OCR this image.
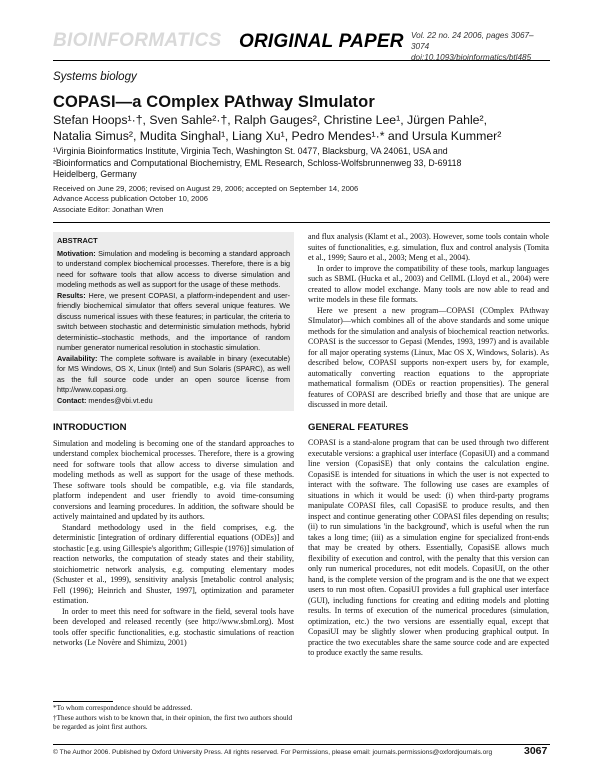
BIOINFORMATICS ORIGINAL PAPER Vol. 22 no. 24 2006, pages 3067–3074
doi:10.1093/bioinformatics/btl485
Systems biology
COPASI—a COmplex PAthway SImulator
Stefan Hoops¹·†, Sven Sahle²·†, Ralph Gauges², Christine Lee¹, Jürgen Pahle²,
Natalia Simus², Mudita Singhal¹, Liang Xu¹, Pedro Mendes¹·* and Ursula Kummer²
¹Virginia Bioinformatics Institute, Virginia Tech, Washington St. 0477, Blacksburg, VA 24061, USA and
²Bioinformatics and Computational Biochemistry, EML Research, Schloss-Wolfsbrunnenweg 33, D-69118
Heidelberg, Germany
Received on June 29, 2006; revised on August 29, 2006; accepted on September 14, 2006
Advance Access publication October 10, 2006
Associate Editor: Jonathan Wren
ABSTRACT

Motivation: Simulation and modeling is becoming a standard approach to understand complex biochemical processes. Therefore, there is a big need for software tools that allow access to diverse simulation and modeling methods as well as support for the usage of these methods.

Results: Here, we present COPASI, a platform-independent and user-friendly biochemical simulator that offers several unique features. We discuss numerical issues with these features; in particular, the criteria to switch between stochastic and deterministic simulation methods, hybrid deterministic–stochastic methods, and the importance of random number generator numerical resolution in stochastic simulation.

Availability: The complete software is available in binary (executable) for MS Windows, OS X, Linux (Intel) and Sun Solaris (SPARC), as well as the full source code under an open source license from http://www.copasi.org.

Contact: mendes@vbi.vt.edu

INTRODUCTION

Simulation and modeling is becoming one of the standard approaches to understand complex biochemical processes. Therefore, there is a growing need for software tools that allow access to diverse simulation and modeling methods as well as support for the usage of these methods. These software tools should be compatible, e.g. via file standards, platform independent and user friendly to avoid time-consuming conversions and learning procedures. In addition, the software should be actively maintained and updated by its authors.

Standard methodology used in the field comprises, e.g. the deterministic [integration of ordinary differential equations (ODEs)] and stochastic [e.g. using Gillespie's algorithm; Gillespie (1976)] simulation of reaction networks, the computation of steady states and their stability, stoichiometric network analysis, e.g. computing elementary modes (Schuster et al., 1999), sensitivity analysis [metabolic control analysis; Fell (1996); Heinrich and Shuster, 1997], optimization and parameter estimation.

In order to meet this need for software in the field, several tools have been developed and released recently (see http://www.sbml.org). Most tools offer specific functionalities, e.g. stochastic simulations of reaction networks (Le Novère and Shimizu, 2001)

and flux analysis (Klamt et al., 2003). However, some tools contain whole suites of functionalities, e.g. simulation, flux and control analysis (Tomita et al., 1999; Sauro et al., 2003; Meng et al., 2004).

In order to improve the compatibility of these tools, markup languages such as SBML (Hucka et al., 2003) and CellML (Lloyd et al., 2004) were created to allow model exchange. Many tools are now able to read and write models in these file formats.

Here we present a new program—COPASI (COmplex PAthway SImulator)—which combines all of the above standards and some unique methods for the simulation and analysis of biochemical reaction networks. COPASI is the successor to Gepasi (Mendes, 1993, 1997) and is available for all major operating systems (Linux, Mac OS X, Windows, Solaris). As described below, COPASI supports non-expert users by, for example, automatically converting reaction equations to the appropriate mathematical formalism (ODEs or reaction propensities). The general features of COPASI are described briefly and those that are unique are discussed in more detail.

GENERAL FEATURES

COPASI is a stand-alone program that can be used through two different executable versions: a graphical user interface (CopasiUI) and a command line version (CopasiSE) that only contains the calculation engine. CopasiSE is intended for situations in which the user is not expected to interact with the software. The following use cases are examples of situations in which it would be used: (i) when third-party programs manipulate COPASI files, call CopasiSE to produce results, and then inspect and continue generating other COPASI files depending on results; (ii) to run simulations 'in the background', which is useful when the run takes a long time; (iii) as a simulation engine for specialized front-ends that may be created by others. Essentially, CopasiSE allows much flexibility of execution and control, with the penalty that this version can only run numerical procedures, not edit models. CopasiUI, on the other hand, is the complete version of the program and is the one that we expect users to run most often. CopasiUI provides a full graphical user interface (GUI), including functions for creating and editing models and plotting results. In terms of execution of the numerical procedures (simulation, optimization, etc.) the two versions are essentially equal, except that CopasiUI may be slightly slower when producing graphical output. In practice the two executables share the same source code and are expected to produce exactly the same results.

*To whom correspondence should be addressed.
†These authors wish to be known that, in their opinion, the first two authors should be regarded as joint first authors.
© The Author 2006. Published by Oxford University Press. All rights reserved. For Permissions, please email: journals.permissions@oxfordjournals.org	3067
